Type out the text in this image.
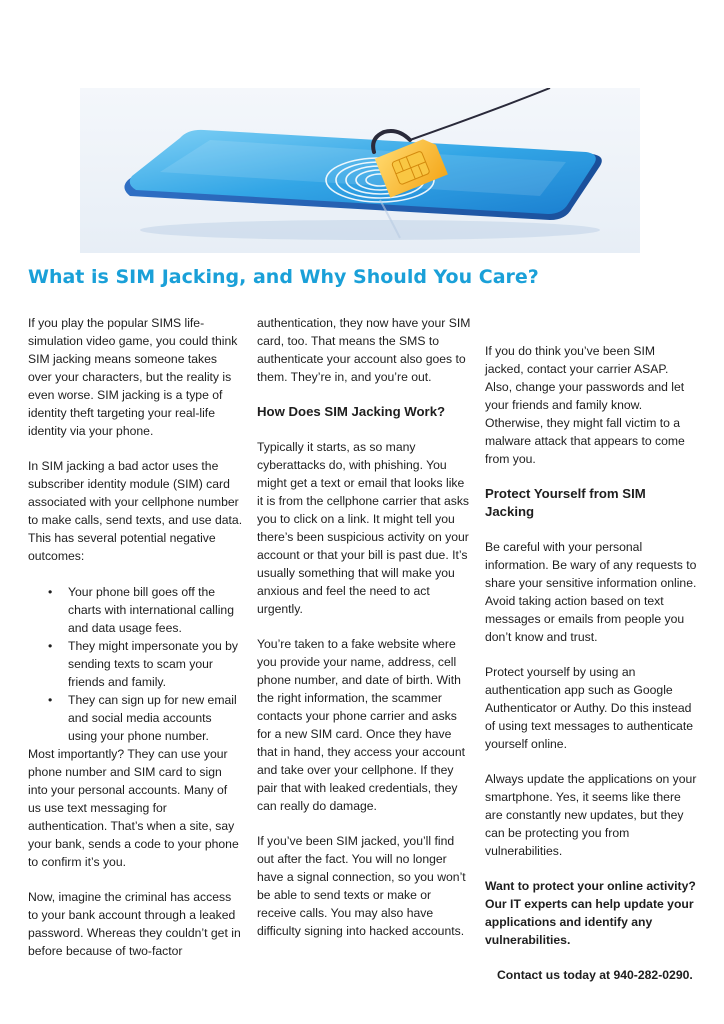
What is SIM Jacking, and Why Should You Care?

If you play the popular SIMS life-simulation video game, you could think SIM jacking means someone takes over your characters, but the reality is even worse. SIM jacking is a type of identity theft targeting your real-life identity via your phone.

In SIM jacking a bad actor uses the subscriber identity module (SIM) card associated with your cellphone number to make calls, send texts, and use data. This has several potential negative outcomes:

• Your phone bill goes off the charts with international calling and data usage fees.
• They might impersonate you by sending texts to scam your friends and family.
• They can sign up for new email and social media accounts using your phone number.

Most importantly? They can use your phone number and SIM card to sign into your personal accounts. Many of us use text messaging for authentication. That’s when a site, say your bank, sends a code to your phone to confirm it’s you.

Now, imagine the criminal has access to your bank account through a leaked password. Whereas they couldn’t get in before because of two-factor

authentication, they now have your SIM card, too. That means the SMS to authenticate your account also goes to them. They’re in, and you’re out.

How Does SIM Jacking Work?

Typically it starts, as so many cyberattacks do, with phishing. You might get a text or email that looks like it is from the cellphone carrier that asks you to click on a link. It might tell you there’s been suspicious activity on your account or that your bill is past due. It’s usually something that will make you anxious and feel the need to act urgently.

You’re taken to a fake website where you provide your name, address, cell phone number, and date of birth. With the right information, the scammer contacts your phone carrier and asks for a new SIM card. Once they have that in hand, they access your account and take over your cellphone. If they pair that with leaked credentials, they can really do damage.

If you’ve been SIM jacked, you’ll find out after the fact. You will no longer have a signal connection, so you won’t be able to send texts or make or receive calls. You may also have difficulty signing into hacked accounts.

If you do think you’ve been SIM jacked, contact your carrier ASAP. Also, change your passwords and let your friends and family know. Otherwise, they might fall victim to a malware attack that appears to come from you.

Protect Yourself from SIM Jacking

Be careful with your personal information. Be wary of any requests to share your sensitive information online. Avoid taking action based on text messages or emails from people you don’t know and trust.

Protect yourself by using an authentication app such as Google Authenticator or Authy. Do this instead of using text messages to authenticate yourself online.

Always update the applications on your smartphone. Yes, it seems like there are constantly new updates, but they can be protecting you from vulnerabilities.

Want to protect your online activity? Our IT experts can help update your applications and identify any vulnerabilities.

Contact us today at 940-282-0290.
